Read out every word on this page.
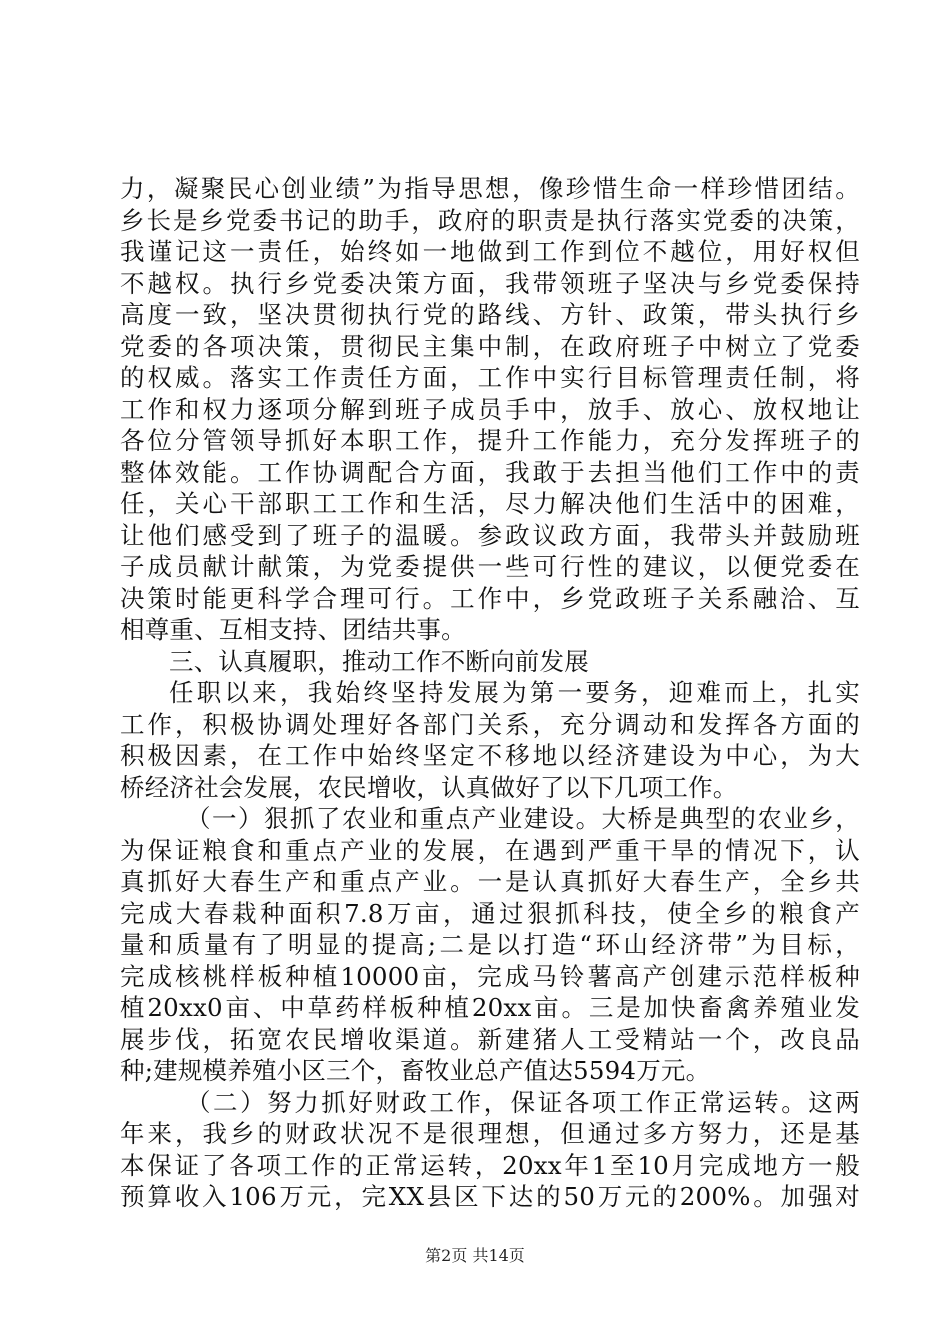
力，凝聚民心创业绩”为指导思想，像珍惜生命一样珍惜团结。
乡长是乡党委书记的助手，政府的职责是执行落实党委的决策，
我谨记这一责任，始终如一地做到工作到位不越位，用好权但
不越权。执行乡党委决策方面，我带领班子坚决与乡党委保持
高度一致，坚决贯彻执行党的路线、方针、政策，带头执行乡
党委的各项决策，贯彻民主集中制，在政府班子中树立了党委
的权威。落实工作责任方面，工作中实行目标管理责任制，将
工作和权力逐项分解到班子成员手中，放手、放心、放权地让
各位分管领导抓好本职工作，提升工作能力，充分发挥班子的
整体效能。工作协调配合方面，我敢于去担当他们工作中的责
任，关心干部职工工作和生活，尽力解决他们生活中的困难，
让他们感受到了班子的温暖。参政议政方面，我带头并鼓励班
子成员献计献策，为党委提供一些可行性的建议，以便党委在
决策时能更科学合理可行。工作中，乡党政班子关系融洽、互
相尊重、互相支持、团结共事。
三、认真履职，推动工作不断向前发展
任职以来，我始终坚持发展为第一要务，迎难而上，扎实
工作，积极协调处理好各部门关系，充分调动和发挥各方面的
积极因素，在工作中始终坚定不移地以经济建设为中心，为大
桥经济社会发展，农民增收，认真做好了以下几项工作。
（一）狠抓了农业和重点产业建设。大桥是典型的农业乡，
为保证粮食和重点产业的发展，在遇到严重干旱的情况下，认
真抓好大春生产和重点产业。一是认真抓好大春生产，全乡共
完成大春栽种面积7.8万亩，通过狠抓科技，使全乡的粮食产
量和质量有了明显的提高;二是以打造“环山经济带”为目标，
完成核桃样板种植10000亩，完成马铃薯高产创建示范样板种
植20xx0亩、中草药样板种植20xx亩。三是加快畜禽养殖业发
展步伐，拓宽农民增收渠道。新建猪人工受精站一个，改良品
种;建规模养殖小区三个，畜牧业总产值达5594万元。
（二）努力抓好财政工作，保证各项工作正常运转。这两
年来，我乡的财政状况不是很理想，但通过多方努力，还是基
本保证了各项工作的正常运转，20xx年1至10月完成地方一般
预算收入106万元，完XX县区下达的50万元的200%。加强对
第2页 共14页
